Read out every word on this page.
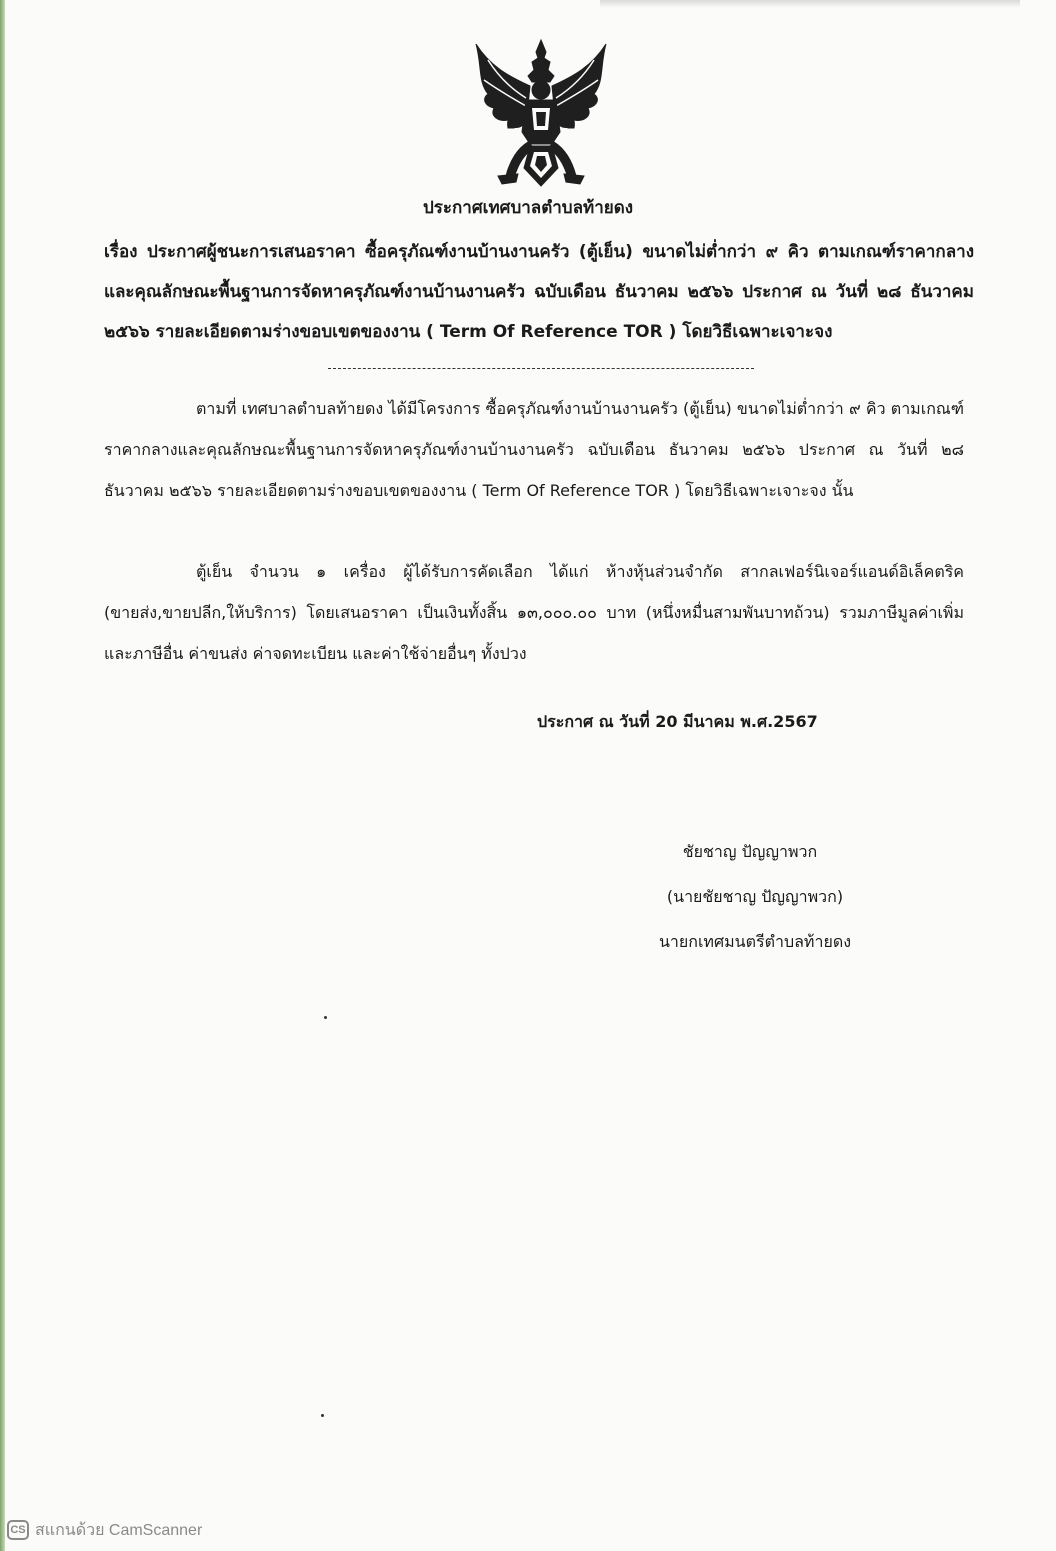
ประกาศเทศบาลตำบลท้ายดง
เรื่อง ประกาศผู้ชนะการเสนอราคา ซื้อครุภัณฑ์งานบ้านงานครัว (ตู้เย็น) ขนาดไม่ต่ำกว่า ๙ คิว ตามเกณฑ์ราคากลางและคุณลักษณะพื้นฐานการจัดหาครุภัณฑ์งานบ้านงานครัว ฉบับเดือน ธันวาคม ๒๕๖๖ ประกาศ ณ วันที่ ๒๘ ธันวาคม ๒๕๖๖ รายละเอียดตามร่างขอบเขตของงาน ( Term Of Reference TOR ) โดยวิธีเฉพาะเจาะจง
ตามที่ เทศบาลตำบลท้ายดง ได้มีโครงการ ซื้อครุภัณฑ์งานบ้านงานครัว (ตู้เย็น) ขนาดไม่ต่ำกว่า ๙ คิว ตามเกณฑ์ราคากลางและคุณลักษณะพื้นฐานการจัดหาครุภัณฑ์งานบ้านงานครัว ฉบับเดือน ธันวาคม ๒๕๖๖ ประกาศ ณ วันที่ ๒๘ ธันวาคม ๒๕๖๖ รายละเอียดตามร่างขอบเขตของงาน ( Term Of Reference TOR ) โดยวิธีเฉพาะเจาะจง นั้น
ตู้เย็น จำนวน ๑ เครื่อง ผู้ได้รับการคัดเลือก ได้แก่ ห้างหุ้นส่วนจำกัด สากลเฟอร์นิเจอร์แอนด์อิเล็คตริค (ขายส่ง,ขายปลีก,ให้บริการ) โดยเสนอราคา เป็นเงินทั้งสิ้น ๑๓,๐๐๐.๐๐ บาท (หนึ่งหมื่นสามพันบาทถ้วน) รวมภาษีมูลค่าเพิ่มและภาษีอื่น ค่าขนส่ง ค่าจดทะเบียน และค่าใช้จ่ายอื่นๆ ทั้งปวง
ประกาศ ณ วันที่ 20 มีนาคม พ.ศ.2567
ชัยชาญ ปัญญาพวก
(นายชัยชาญ ปัญญาพวก)
นายกเทศมนตรีตำบลท้ายดง
CS สแกนด้วย CamScanner
